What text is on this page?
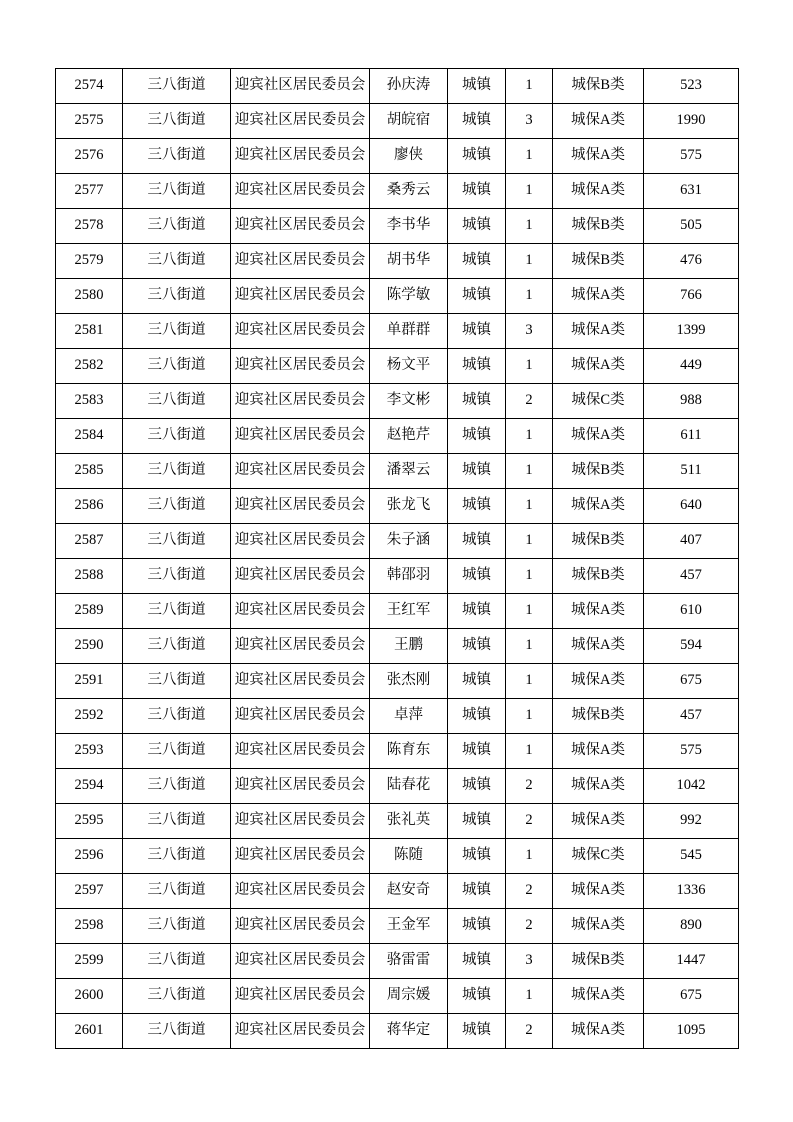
2574	三八街道	迎宾社区居民委员会	孙庆涛	城镇	1	城保B类	523
2575	三八街道	迎宾社区居民委员会	胡皖宿	城镇	3	城保A类	1990
2576	三八街道	迎宾社区居民委员会	廖侠	城镇	1	城保A类	575
2577	三八街道	迎宾社区居民委员会	桑秀云	城镇	1	城保A类	631
2578	三八街道	迎宾社区居民委员会	李书华	城镇	1	城保B类	505
2579	三八街道	迎宾社区居民委员会	胡书华	城镇	1	城保B类	476
2580	三八街道	迎宾社区居民委员会	陈学敏	城镇	1	城保A类	766
2581	三八街道	迎宾社区居民委员会	单群群	城镇	3	城保A类	1399
2582	三八街道	迎宾社区居民委员会	杨文平	城镇	1	城保A类	449
2583	三八街道	迎宾社区居民委员会	李文彬	城镇	2	城保C类	988
2584	三八街道	迎宾社区居民委员会	赵艳芹	城镇	1	城保A类	611
2585	三八街道	迎宾社区居民委员会	潘翠云	城镇	1	城保B类	511
2586	三八街道	迎宾社区居民委员会	张龙飞	城镇	1	城保A类	640
2587	三八街道	迎宾社区居民委员会	朱子涵	城镇	1	城保B类	407
2588	三八街道	迎宾社区居民委员会	韩邵羽	城镇	1	城保B类	457
2589	三八街道	迎宾社区居民委员会	王红军	城镇	1	城保A类	610
2590	三八街道	迎宾社区居民委员会	王鹏	城镇	1	城保A类	594
2591	三八街道	迎宾社区居民委员会	张杰刚	城镇	1	城保A类	675
2592	三八街道	迎宾社区居民委员会	卓萍	城镇	1	城保B类	457
2593	三八街道	迎宾社区居民委员会	陈育东	城镇	1	城保A类	575
2594	三八街道	迎宾社区居民委员会	陆春花	城镇	2	城保A类	1042
2595	三八街道	迎宾社区居民委员会	张礼英	城镇	2	城保A类	992
2596	三八街道	迎宾社区居民委员会	陈随	城镇	1	城保C类	545
2597	三八街道	迎宾社区居民委员会	赵安奇	城镇	2	城保A类	1336
2598	三八街道	迎宾社区居民委员会	王金军	城镇	2	城保A类	890
2599	三八街道	迎宾社区居民委员会	骆雷雷	城镇	3	城保B类	1447
2600	三八街道	迎宾社区居民委员会	周宗媛	城镇	1	城保A类	675
2601	三八街道	迎宾社区居民委员会	蒋华定	城镇	2	城保A类	1095
